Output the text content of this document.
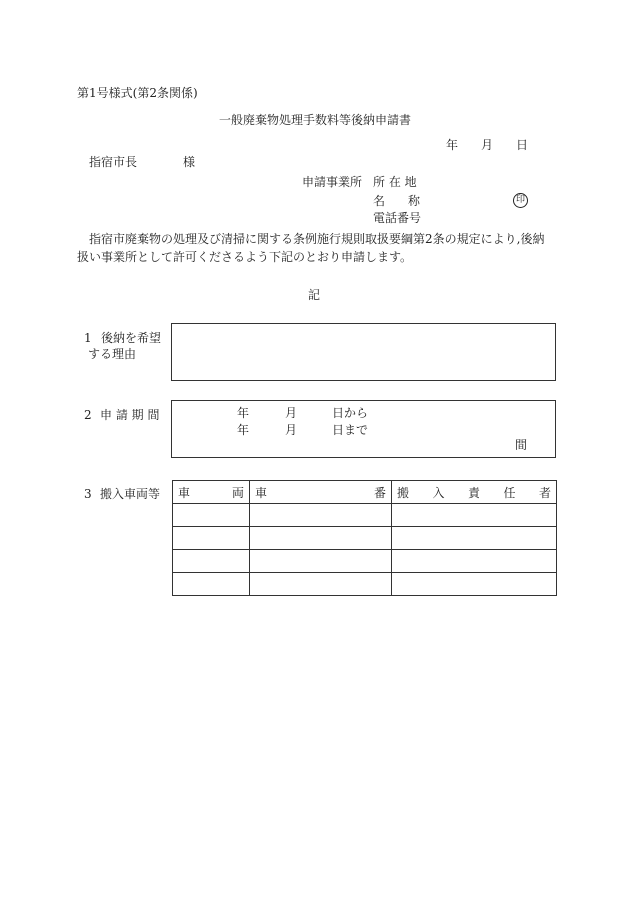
第1号様式(第2条関係)
一般廃棄物処理手数料等後納申請書
年 月 日
指宿市長	様
申請事業所 所 在 地
名 称	印
電話番号
指宿市廃棄物の処理及び清掃に関する条例施行規則取扱要綱第2条の規定により,後納
扱い事業所として許可くださるよう下記のとおり申請します。
記
1 後納を希望
する理由
2 申 請 期 間	年	月	日から
年	月	日まで
間
3 搬入車両等 車 両	車 番	搬 入 責 任 者
